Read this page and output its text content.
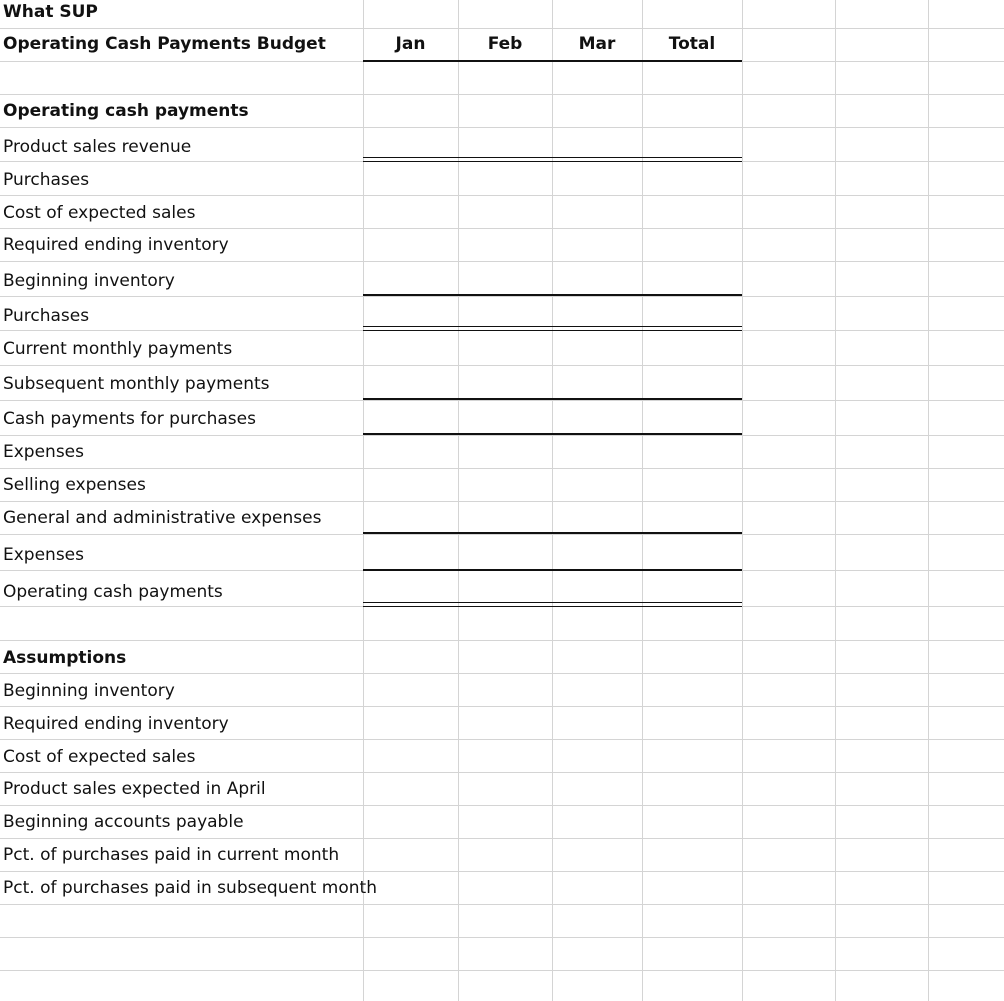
What SUP
Operating Cash Payments Budget	Jan	Feb	Mar	Total
Operating cash payments
Product sales revenue
Purchases
Cost of expected sales
Required ending inventory
Beginning inventory
Purchases
Current monthly payments
Subsequent monthly payments
Cash payments for purchases
Expenses
Selling expenses
General and administrative expenses
Expenses
Operating cash payments
Assumptions
Beginning inventory
Required ending inventory
Cost of expected sales
Product sales expected in April
Beginning accounts payable
Pct. of purchases paid in current month
Pct. of purchases paid in subsequent month
